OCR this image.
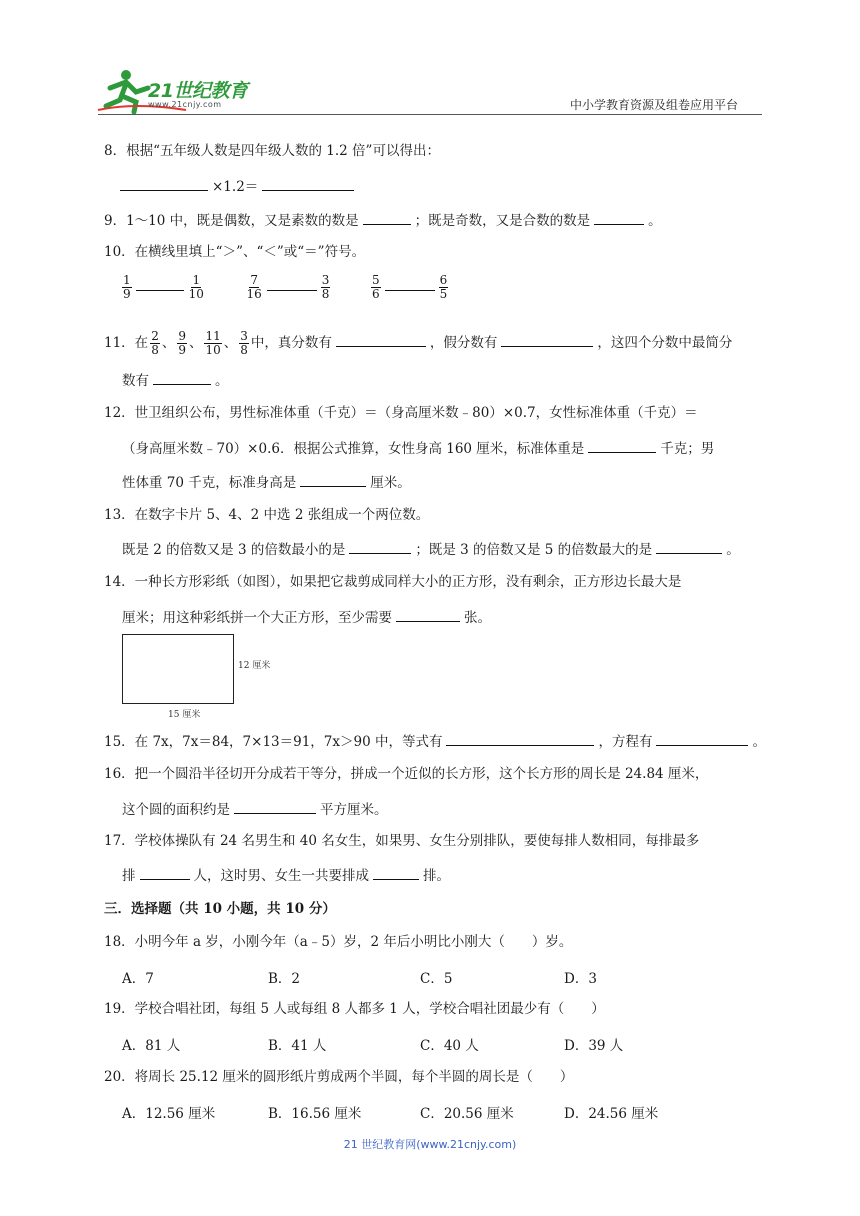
21世纪教育
www.21cnjy.com	中小学教育资源及组卷应用平台
8．根据“五年级人数是四年级人数的 1.2 倍”可以得出：
×1.2＝
9．1～10 中，既是偶数，又是素数的数是	；既是奇数，又是合数的数是	。
10．在横线里填上“＞”、“＜”或“＝”符号。
$\frac{1}{9}$	$\frac{1}{10}$
	$\frac{7}{16}$	$\frac{3}{8}$
	$\frac{5}{6}$	$\frac{6}{5}$
11．在 $\frac{2}{8}$ 、 $\frac{9}{9}$ 、 $\frac{11}{10}$ 、 $\frac{3}{8}$ 中，真分数有	，假分数有	，这四个分数中最简分
数有	。
12．世卫组织公布，男性标准体重（千克）＝（身高厘米数﹣80）×0.7，女性标准体重（千克）＝
（身高厘米数﹣70）×0.6．根据公式推算，女性身高 160 厘米，标准体重是	千克；男
性体重 70 千克，标准身高是	厘米。
13．在数字卡片 5、4、2 中选 2 张组成一个两位数。
既是 2 的倍数又是 3 的倍数最小的是	；既是 3 的倍数又是 5 的倍数最大的是	。
14．一种长方形彩纸（如图），如果把它裁剪成同样大小的正方形，没有剩余，正方形边长最大是
厘米；用这种彩纸拼一个大正方形，至少需要	张。
12 厘米
15 厘米
15．在 7x，7x＝84，7×13＝91，7x＞90 中，等式有	，方程有	。
16．把一个圆沿半径切开分成若干等分，拼成一个近似的长方形，这个长方形的周长是 24.84 厘米，
这个圆的面积约是	平方厘米。
17．学校体操队有 24 名男生和 40 名女生，如果男、女生分别排队，要使每排人数相同，每排最多
排	人，这时男、女生一共要排成	排。
三．选择题（共 10 小题，共 10 分）
18．小明今年 a 岁，小刚今年（a﹣5）岁，2 年后小明比小刚大（　　）岁。
A．7	B．2	C．5	D．3
19．学校合唱社团，每组 5 人或每组 8 人都多 1 人，学校合唱社团最少有（　　）
A．81 人	B．41 人	C．40 人	D．39 人
20．将周长 25.12 厘米的圆形纸片剪成两个半圆，每个半圆的周长是（　　）
A．12.56 厘米	B．16.56 厘米	C．20.56 厘米	D．24.56 厘米
21 世纪教育网(www.21cnjy.com)
